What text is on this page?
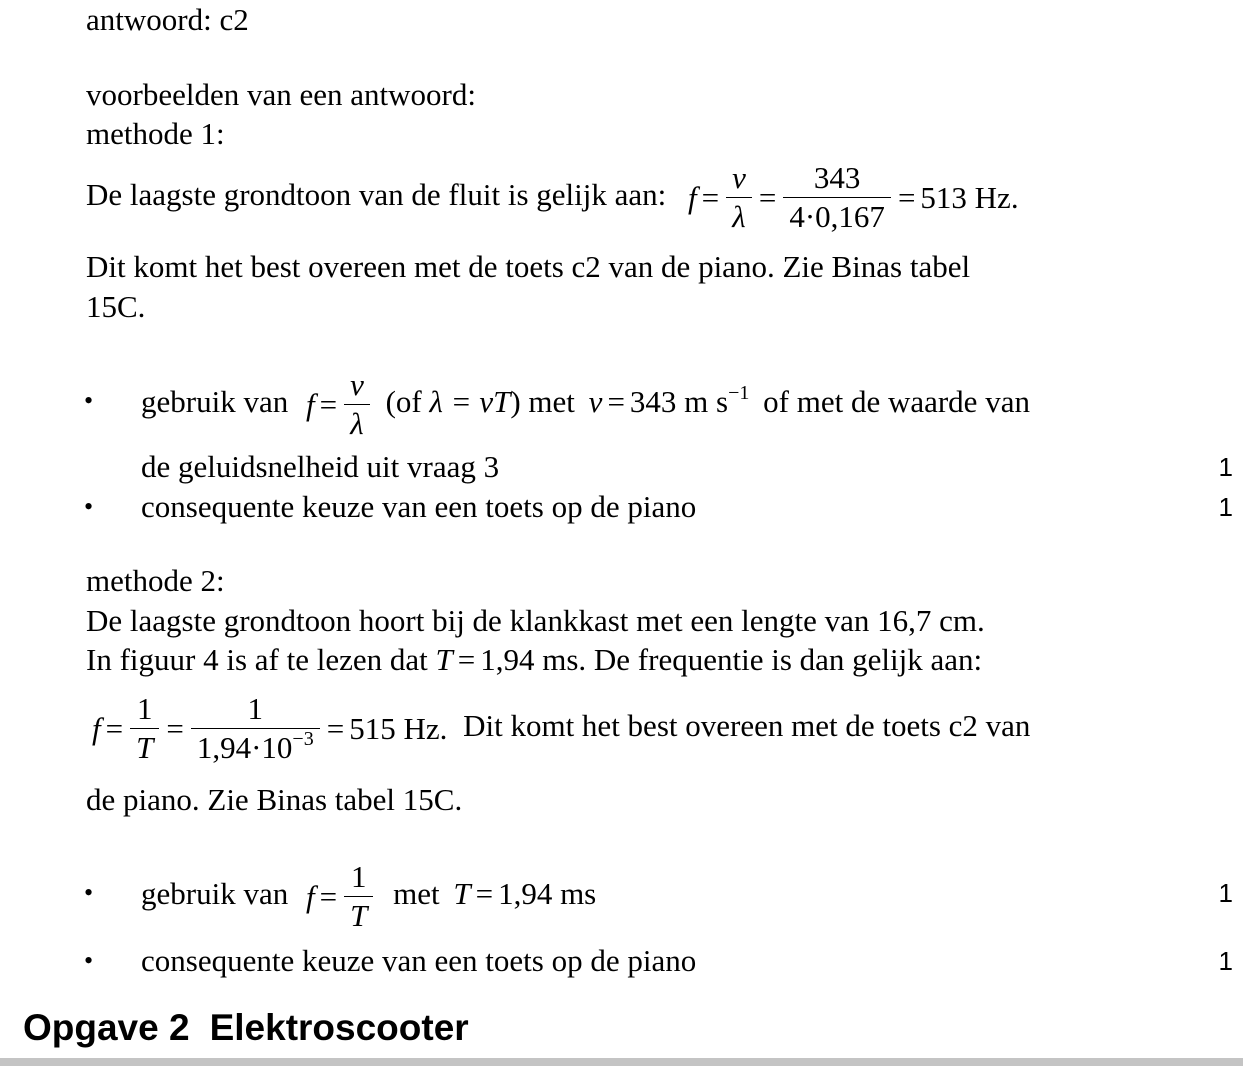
antwoord: c2
voorbeelden van een antwoord:
methode 1:
De laagste grondtoon van de fluit is gelijk aan: $f = \frac{v}{\lambda} = \frac{343}{4\cdot 0,167} = 513$ Hz.
Dit komt het best overeen met de toets c2 van de piano. Zie Binas tabel
15C.
• gebruik van $f = \frac{v}{\lambda} (of$ λ = vT) met v = 343 m $s^{-1}$ of met de waarde van
de geluidsnelheid uit vraag 3	1
• consequente keuze van een toets op de piano	1
methode 2:
De laagste grondtoon hoort bij de klankkast met een lengte van 16,7 cm.
In figuur 4 is af te lezen dat T = 1,94 ms. De frequentie is dan gelijk aan:
$f = \frac{1}{T} = \frac{1}{1,94\cdot 10^{-3}} = 515$ Hz. Dit komt het best overeen met de toets c2 van
de piano. Zie Binas tabel 15C.
• gebruik van $f = \frac{1}{T}$ met T = 1,94 ms	1
• consequente keuze van een toets op de piano	1
Opgave 2 Elektroscooter
